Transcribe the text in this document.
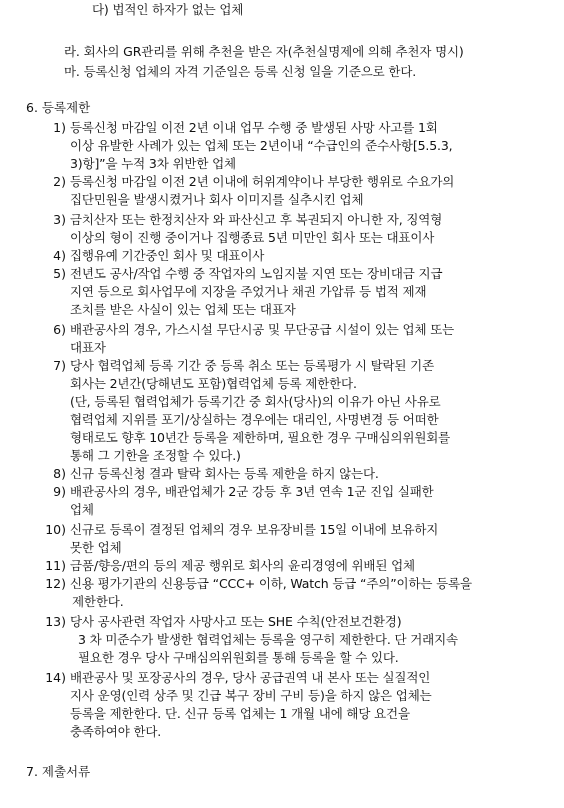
다) 법적인 하자가 없는 업체
라. 회사의 GR관리를 위해 추천을 받은 자(추천실명제에 의해 추천자 명시)
마. 등록신청 업체의 자격 기준일은 등록 신청 일을 기준으로 한다.
6. 등록제한
1) 등록신청 마감일 이전 2년 이내 업무 수행 중 발생된 사망 사고를 1회
이상 유발한 사례가 있는 업체 또는 2년이내 “수급인의 준수사항[5.5.3,
3)항]”을 누적 3차 위반한 업체
2) 등록신청 마감일 이전 2년 이내에 허위계약이나 부당한 행위로 수요가의
집단민원을 발생시켰거나 회사 이미지를 실추시킨 업체
3) 금치산자 또는 한정치산자 와 파산신고 후 복권되지 아니한 자, 징역형
이상의 형이 진행 중이거나 집행종료 5년 미만인 회사 또는 대표이사
4) 집행유예 기간중인 회사 및 대표이사
5) 전년도 공사/작업 수행 중 작업자의 노임지불 지연 또는 장비대금 지급
지연 등으로 회사업무에 지장을 주었거나 채권 가압류 등 법적 제재
조치를 받은 사실이 있는 업체 또는 대표자
6) 배관공사의 경우, 가스시설 무단시공 및 무단공급 시설이 있는 업체 또는
대표자
7) 당사 협력업체 등록 기간 중 등록 취소 또는 등록평가 시 탈락된 기존
회사는 2년간(당해년도 포함)협력업체 등록 제한한다.
(단, 등록된 협력업체가 등록기간 중 회사(당사)의 이유가 아닌 사유로
협력업체 지위를 포기/상실하는 경우에는 대리인, 사명변경 등 어떠한
형태로도 향후 10년간 등록을 제한하며, 필요한 경우 구매심의위원회를
통해 그 기한을 조정할 수 있다.)
8) 신규 등록신청 결과 탈락 회사는 등록 제한을 하지 않는다.
9) 배관공사의 경우, 배관업체가 2군 강등 후 3년 연속 1군 진입 실패한
업체
10) 신규로 등록이 결정된 업체의 경우 보유장비를 15일 이내에 보유하지
못한 업체
11) 금품/향응/편의 등의 제공 행위로 회사의 윤리경영에 위배된 업체
12) 신용 평가기관의 신용등급 “CCC+ 이하, Watch 등급 “주의”이하는 등록을
제한한다.
13) 당사 공사관련 작업자 사망사고 또는 SHE 수칙(안전보건환경)
3 차 미준수가 발생한 협력업체는 등록을 영구히 제한한다. 단 거래지속
필요한 경우 당사 구매심의위원회를 통해 등록을 할 수 있다.
14) 배관공사 및 포장공사의 경우, 당사 공급권역 내 본사 또는 실질적인
지사 운영(인력 상주 및 긴급 복구 장비 구비 등)을 하지 않은 업체는
등록을 제한한다. 단. 신규 등록 업체는 1 개월 내에 해당 요건을
충족하여야 한다.
7. 제출서류
